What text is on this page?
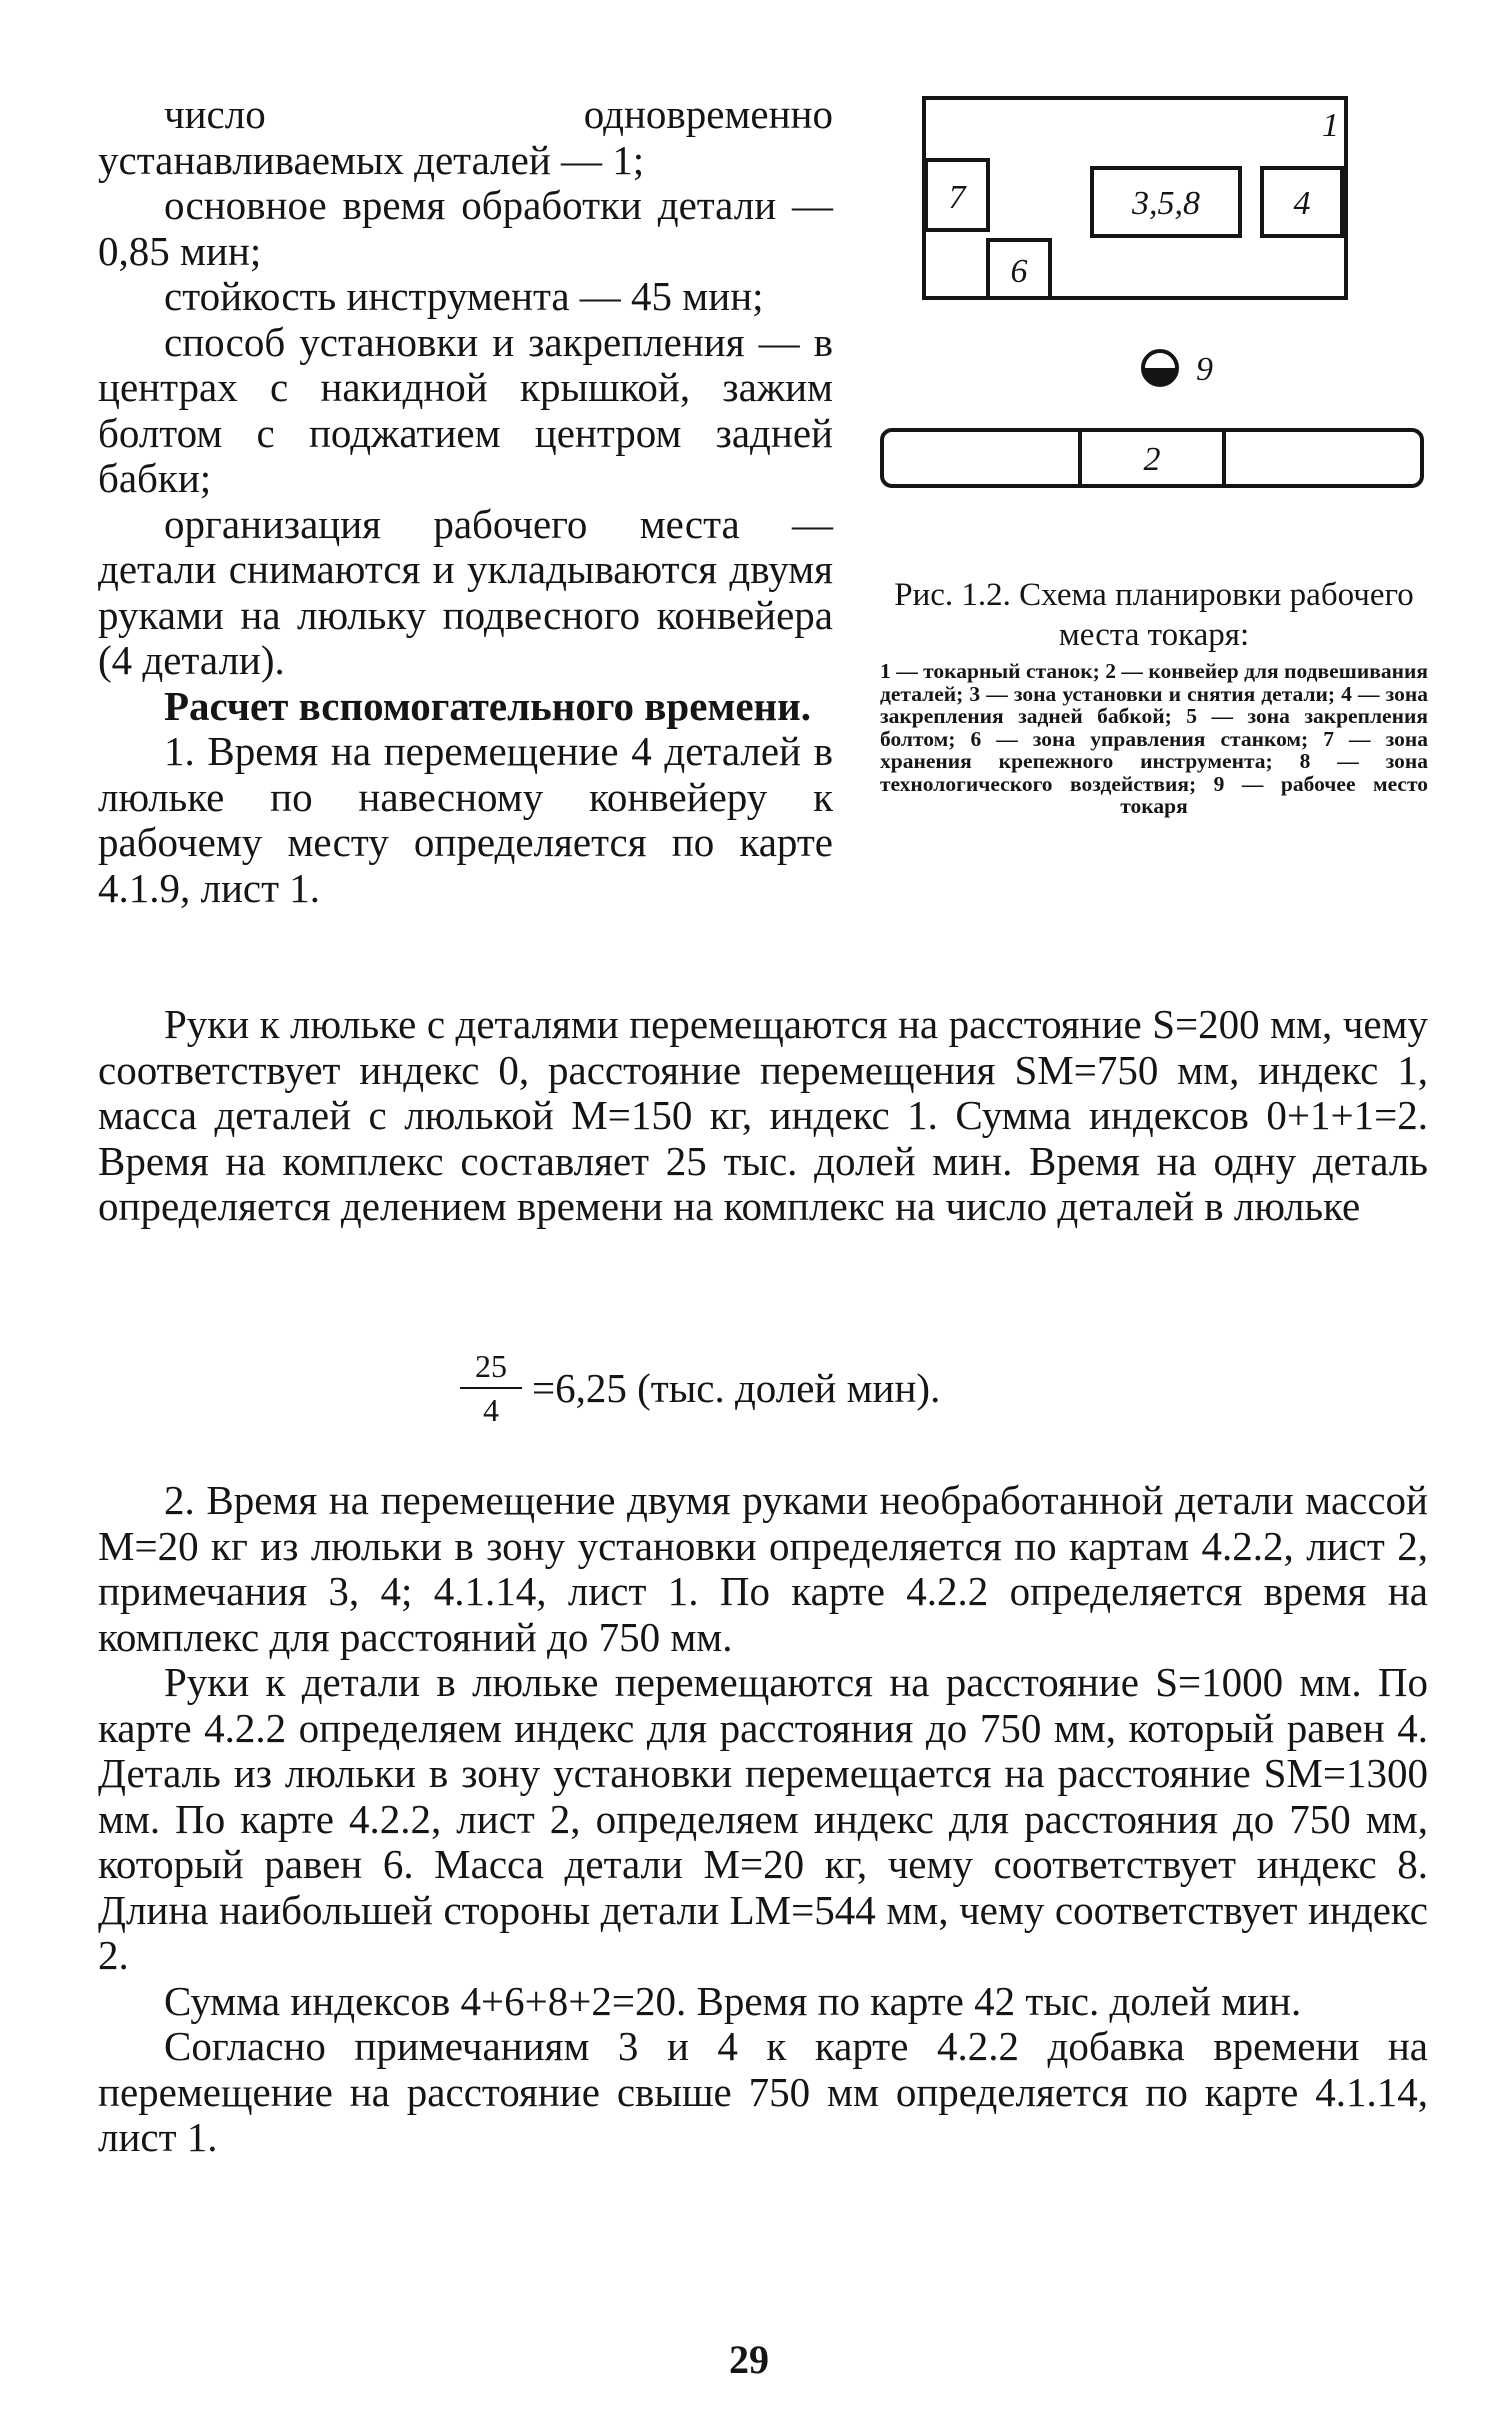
число одновременно устанавливаемых деталей — 1;

основное время обработки детали — 0,85 мин;

стойкость инструмента — 45 мин;

способ установки и закрепления — в центрах с накидной крышкой, зажим болтом с поджатием центром задней бабки;

организация рабочего места — детали снимаются и укладываются двумя руками на люльку подвесного конвейера (4 детали).

Расчет вспомогательного времени.

1. Время на перемещение 4 деталей в люльке по навесному конвейеру к рабочему месту определяется по карте 4.1.9, лист 1.

1
7
6
3,5,8	4
9
2
Рис. 1.2. Схема планировки рабочего места токаря:
1 — токарный станок; 2 — конвейер для подвешивания деталей; 3 — зона установки и снятия детали; 4 — зона закрепления задней бабкой; 5 — зона закрепления болтом; 6 — зона управления станком; 7 — зона хранения крепежного инструмента; 8 — зона технологического воздействия; 9 — рабочее место токаря

Руки к люльке с деталями перемещаются на расстояние S=200 мм, чему соответствует индекс 0, расстояние перемещения SM=750 мм, индекс 1, масса деталей с люлькой M=150 кг, индекс 1. Сумма индексов 0+1+1=2. Время на комплекс составляет 25 тыс. долей мин. Время на одну деталь определяется делением времени на комплекс на число деталей в люльке

$\frac{25}{4} =6,25$ (тыс. долей мин).

2. Время на перемещение двумя руками необработанной детали массой M=20 кг из люльки в зону установки определяется по картам 4.2.2, лист 2, примечания 3, 4; 4.1.14, лист 1. По карте 4.2.2 определяется время на комплекс для расстояний до 750 мм.

Руки к детали в люльке перемещаются на расстояние S=1000 мм. По карте 4.2.2 определяем индекс для расстояния до 750 мм, который равен 4. Деталь из люльки в зону установки перемещается на расстояние SM=1300 мм. По карте 4.2.2, лист 2, определяем индекс для расстояния до 750 мм, который равен 6. Масса детали M=20 кг, чему соответствует индекс 8. Длина наибольшей стороны детали LM=544 мм, чему соответствует индекс 2.

Сумма индексов 4+6+8+2=20. Время по карте 42 тыс. долей мин.

Согласно примечаниям 3 и 4 к карте 4.2.2 добавка времени на перемещение на расстояние свыше 750 мм определяется по карте 4.1.14, лист 1.

29
